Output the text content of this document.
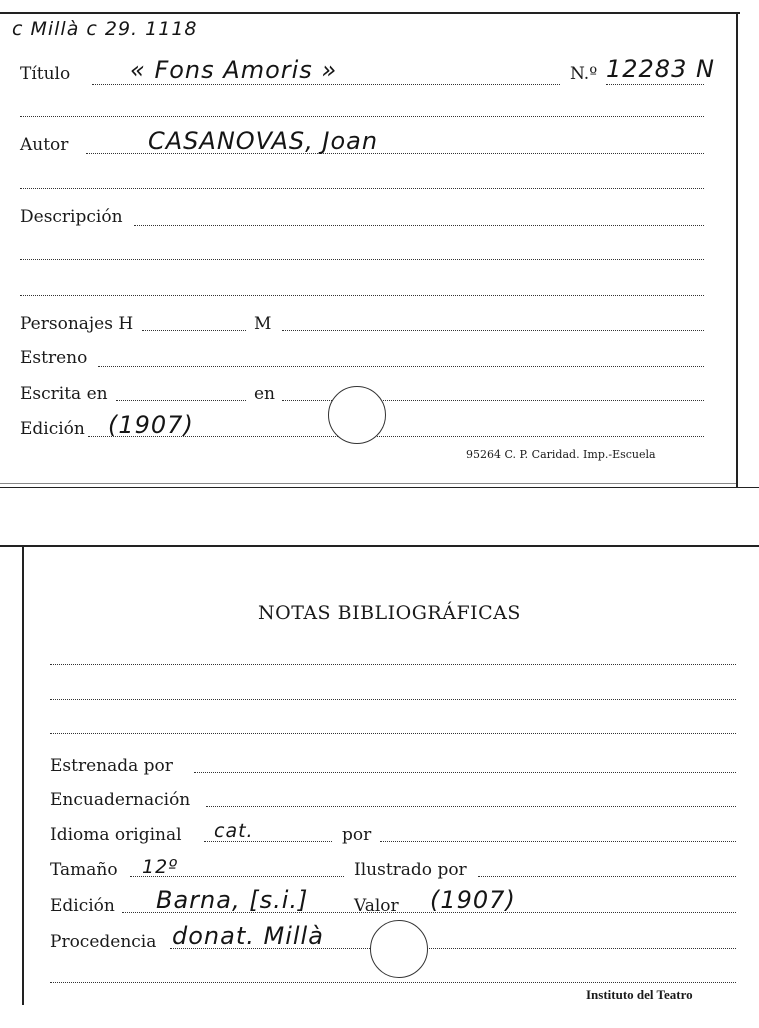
c Millà c 29. 1118
Título « Fons Amoris »	N.º 12283 N
Autor	CASANOVAS, Joan
Descripción
Personajes H	M
Estreno
Escrita en	en
Edición (1907)
95264 C. P. Caridad. Imp.-Escuela
NOTAS BIBLIOGRÁFICAS
Estrenada por
Encuadernación
Idioma original cat.	por
Tamaño 12º	Ilustrado por
Edición Barna, [s.i.]	Valor (1907)
Procedencia donat. Millà
Instituto del Teatro
